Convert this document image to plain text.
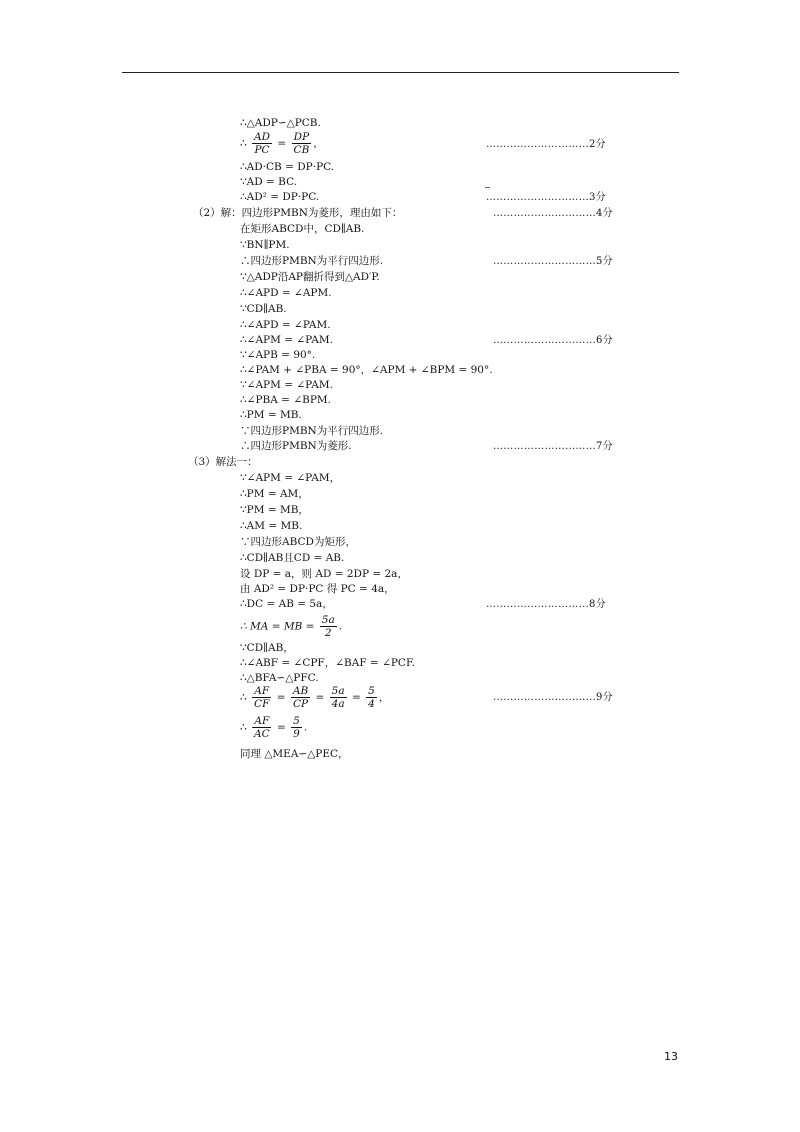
∴△ADP∽△PCB.
∴ $\frac{AD}{PC} = \frac{DP}{CB}$ ，	…………………………2分
∴AD·CB = DP·PC.
∵AD = BC.
∴AD² = DP·PC.	…………………………3分
（2）解：四边形PMBN为菱形，理由如下：	…………………………4分
在矩形ABCD中，CD∥AB.
∵BN∥PM.
∴四边形PMBN为平行四边形.	…………………………5分
∵△ADP沿AP翻折得到△AD′P.
∴∠APD = ∠APM.
∵CD∥AB.
∴∠APD = ∠PAM.
∴∠APM = ∠PAM.	…………………………6分
∵∠APB = 90°.
∴∠PAM + ∠PBA = 90°，∠APM + ∠BPM = 90°.
∵∠APM = ∠PAM.
∴∠PBA = ∠BPM.
∴PM = MB.
∵四边形PMBN为平行四边形.
∴四边形PMBN为菱形.	…………………………7分
（3）解法一：
∵∠APM = ∠PAM，
∴PM = AM，
∵PM = MB，
∴AM = MB.
∵四边形ABCD为矩形，
∴CD∥AB且CD = AB.
设 DP = a，则 AD = 2DP = 2a，
由 AD² = DP·PC 得 PC = 4a，
∴DC = AB = 5a，	…………………………8分
∴ MA = MB = $\frac{5a}{2}$ .
∵CD∥AB，
∴∠ABF = ∠CPF，∠BAF = ∠PCF.
∴△BFA∽△PFC.
∴ $\frac{AF}{CF} = \frac{AB}{CP} = \frac{5a}{4a} = \frac{5}{4}$ ，	…………………………9分
∴ $\frac{AF}{AC} = \frac{5}{9}$ .
同理 △MEA∽△PEC，
13
